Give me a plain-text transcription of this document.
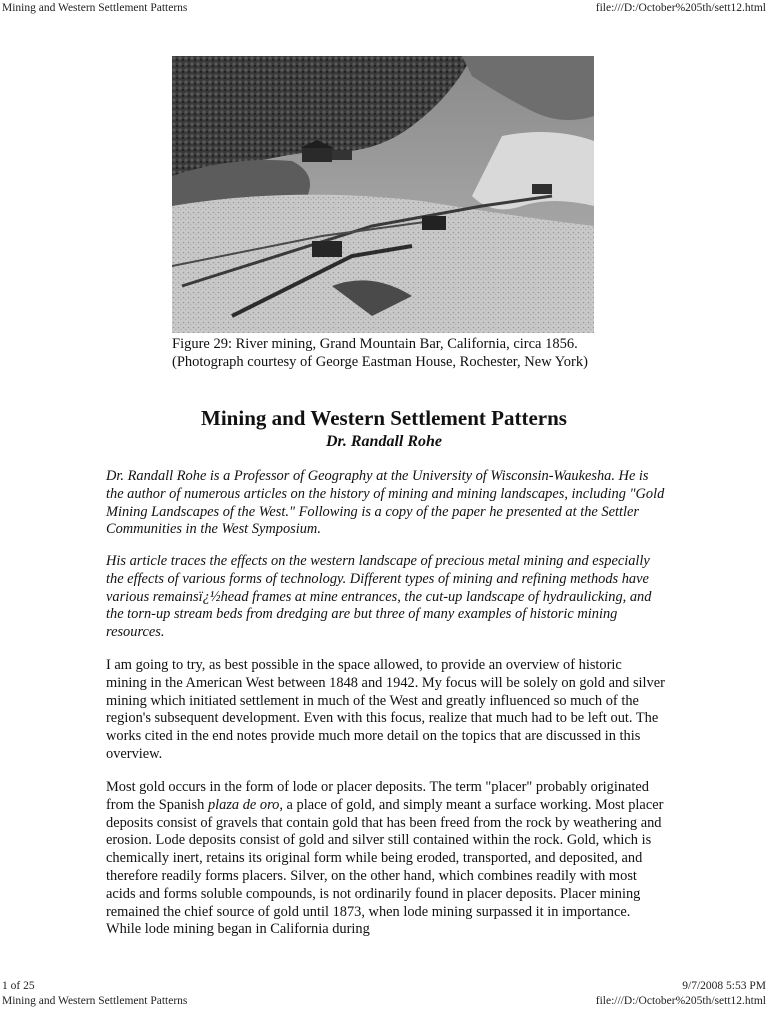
Mining and Western Settlement Patterns	file:///D:/October%205th/sett12.html
Figure 29: River mining, Grand Mountain Bar, California, circa 1856. (Photograph courtesy of George Eastman House, Rochester, New York)
Mining and Western Settlement Patterns
Dr. Randall Rohe

Dr. Randall Rohe is a Professor of Geography at the University of Wisconsin-Waukesha. He is the author of numerous articles on the history of mining and mining landscapes, including "Gold Mining Landscapes of the West." Following is a copy of the paper he presented at the Settler Communities in the West Symposium.

His article traces the effects on the western landscape of precious metal mining and especially the effects of various forms of technology. Different types of mining and refining methods have various remainsï¿½head frames at mine entrances, the cut-up landscape of hydraulicking, and the torn-up stream beds from dredging are but three of many examples of historic mining resources.

I am going to try, as best possible in the space allowed, to provide an overview of historic mining in the American West between 1848 and 1942. My focus will be solely on gold and silver mining which initiated settlement in much of the West and greatly influenced so much of the region's subsequent development. Even with this focus, realize that much had to be left out. The works cited in the end notes provide much more detail on the topics that are discussed in this overview.

Most gold occurs in the form of lode or placer deposits. The term "placer" probably originated from the Spanish plaza de oro, a place of gold, and simply meant a surface working. Most placer deposits consist of gravels that contain gold that has been freed from the rock by weathering and erosion. Lode deposits consist of gold and silver still contained within the rock. Gold, which is chemically inert, retains its original form while being eroded, transported, and deposited, and therefore readily forms placers. Silver, on the other hand, which combines readily with most acids and forms soluble compounds, is not ordinarily found in placer deposits. Placer mining remained the chief source of gold until 1873, when lode mining surpassed it in importance. While lode mining began in California during

1 of 25	9/7/2008 5:53 PM
Mining and Western Settlement Patterns	file:///D:/October%205th/sett12.html
